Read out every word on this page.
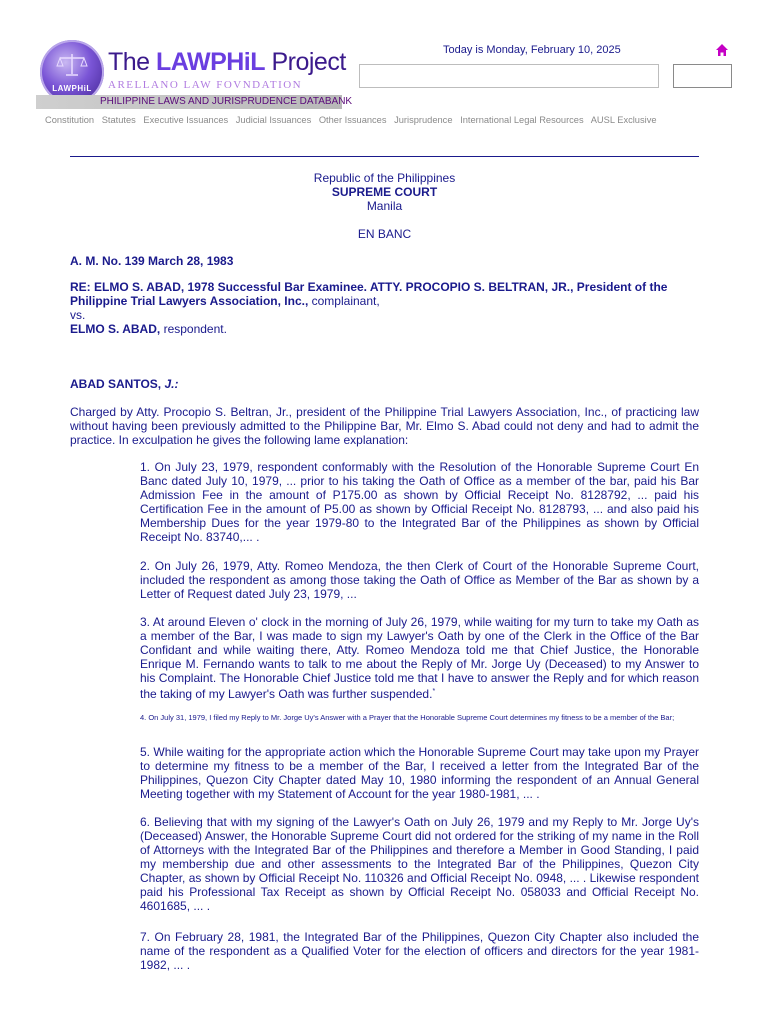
LAWPHiL
The LAWPHiL Project
ARELLANO LAW FOVNDATION
PHILIPPINE LAWS AND JURISPRUDENCE DATABANK
Today is Monday, February 10, 2025
Constitution Statutes Executive Issuances Judicial Issuances Other Issuances Jurisprudence International Legal Resources AUSL Exclusive
Republic of the Philippines
SUPREME COURT
Manila
EN BANC
A. M. No. 139 March 28, 1983
RE: ELMO S. ABAD, 1978 Successful Bar Examinee. ATTY. PROCOPIO S. BELTRAN, JR., President of the Philippine Trial Lawyers Association, Inc., complainant,
vs.
ELMO S. ABAD, respondent.
ABAD SANTOS, J.:
Charged by Atty. Procopio S. Beltran, Jr., president of the Philippine Trial Lawyers Association, Inc., of practicing law without having been previously admitted to the Philippine Bar, Mr. Elmo S. Abad could not deny and had to admit the practice. In exculpation he gives the following lame explanation:
1. On July 23, 1979, respondent conformably with the Resolution of the Honorable Supreme Court En Banc dated July 10, 1979, ... prior to his taking the Oath of Office as a member of the bar, paid his Bar Admission Fee in the amount of P175.00 as shown by Official Receipt No. 8128792, ... paid his Certification Fee in the amount of P5.00 as shown by Official Receipt No. 8128793, ... and also paid his Membership Dues for the year 1979-80 to the Integrated Bar of the Philippines as shown by Official Receipt No. 83740,... .
2. On July 26, 1979, Atty. Romeo Mendoza, the then Clerk of Court of the Honorable Supreme Court, included the respondent as among those taking the Oath of Office as Member of the Bar as shown by a Letter of Request dated July 23, 1979, ...
3. At around Eleven o' clock in the morning of July 26, 1979, while waiting for my turn to take my Oath as a member of the Bar, I was made to sign my Lawyer's Oath by one of the Clerk in the Office of the Bar Confidant and while waiting there, Atty. Romeo Mendoza told me that Chief Justice, the Honorable Enrique M. Fernando wants to talk to me about the Reply of Mr. Jorge Uy (Deceased) to my Answer to his Complaint. The Honorable Chief Justice told me that I have to answer the Reply and for which reason the taking of my Lawyer's Oath was further suspended.*
4. On July 31, 1979, I filed my Reply to Mr. Jorge Uy's Answer with a Prayer that the Honorable Supreme Court determines my fitness to be a member of the Bar;
5. While waiting for the appropriate action which the Honorable Supreme Court may take upon my Prayer to determine my fitness to be a member of the Bar, I received a letter from the Integrated Bar of the Philippines, Quezon City Chapter dated May 10, 1980 informing the respondent of an Annual General Meeting together with my Statement of Account for the year 1980-1981, ... .
6. Believing that with my signing of the Lawyer's Oath on July 26, 1979 and my Reply to Mr. Jorge Uy's (Deceased) Answer, the Honorable Supreme Court did not ordered for the striking of my name in the Roll of Attorneys with the Integrated Bar of the Philippines and therefore a Member in Good Standing, I paid my membership due and other assessments to the Integrated Bar of the Philippines, Quezon City Chapter, as shown by Official Receipt No. 110326 and Official Receipt No. 0948, ... . Likewise respondent paid his Professional Tax Receipt as shown by Official Receipt No. 058033 and Official Receipt No. 4601685, ... .
7. On February 28, 1981, the Integrated Bar of the Philippines, Quezon City Chapter also included the name of the respondent as a Qualified Voter for the election of officers and directors for the year 1981-1982, ... .
